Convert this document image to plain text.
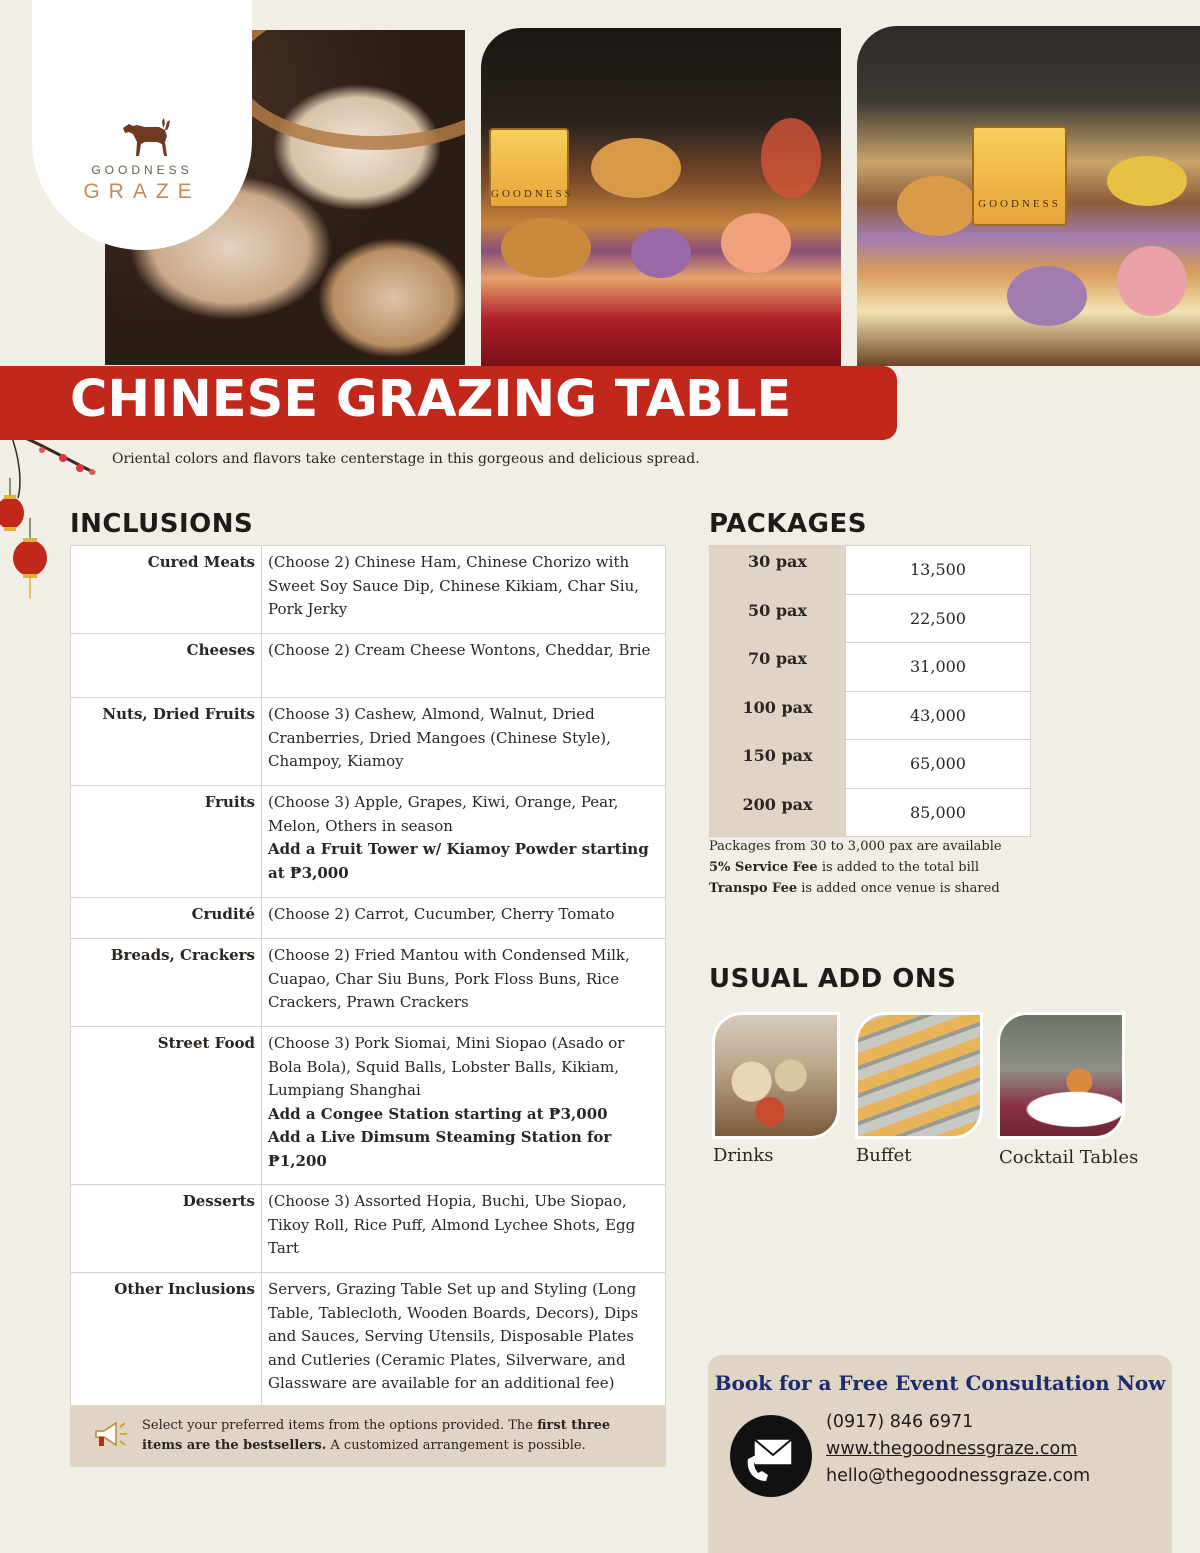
GOODNESS
GOODNESS
GOODNESS
GRAZE
CHINESE GRAZING TABLE
Oriental colors and flavors take centerstage in this gorgeous and delicious spread.
INCLUSIONS
Cured Meats	(Choose 2) Chinese Ham, Chinese Chorizo with Sweet Soy Sauce Dip, Chinese Kikiam, Char Siu, Pork Jerky
Cheeses	(Choose 2) Cream Cheese Wontons, Cheddar, Brie
Nuts, Dried Fruits	(Choose 3) Cashew, Almond, Walnut, Dried Cranberries, Dried Mangoes (Chinese Style), Champoy, Kiamoy
Fruits	(Choose 3) Apple, Grapes, Kiwi, Orange, Pear, Melon, Others in season
Add a Fruit Tower w/ Kiamoy Powder starting at ₱3,000

Crudité	(Choose 2) Carrot, Cucumber, Cherry Tomato
Breads, Crackers	(Choose 2) Fried Mantou with Condensed Milk, Cuapao, Char Siu Buns, Pork Floss Buns, Rice Crackers, Prawn Crackers
Street Food	(Choose 3) Pork Siomai, Mini Siopao (Asado or Bola Bola), Squid Balls, Lobster Balls, Kikiam, Lumpiang Shanghai
Add a Congee Station starting at ₱3,000
Add a Live Dimsum Steaming Station for ₱1,200

Desserts	(Choose 3) Assorted Hopia, Buchi, Ube Siopao, Tikoy Roll, Rice Puff, Almond Lychee Shots, Egg Tart
Other Inclusions	Servers, Grazing Table Set up and Styling (Long Table, Tablecloth, Wooden Boards, Decors), Dips and Sauces, Serving Utensils, Disposable Plates and Cutleries (Ceramic Plates, Silverware, and Glassware are available for an additional fee)
Select your preferred items from the options provided. The first three items are the bestsellers. A customized arrangement is possible.
PACKAGES
30 pax	13,500
50 pax	22,500
70 pax	31,000
100 pax	43,000
150 pax	65,000
200 pax	85,000
Packages from 30 to 3,000 pax are available
5% Service Fee is added to the total bill
Transpo Fee is added once venue is shared
USUAL ADD ONS
Drinks	Buffet	Cocktail Tables
Book for a Free Event Consultation Now
(0917) 846 6971
www.thegoodnessgraze.com
hello@thegoodnessgraze.com
